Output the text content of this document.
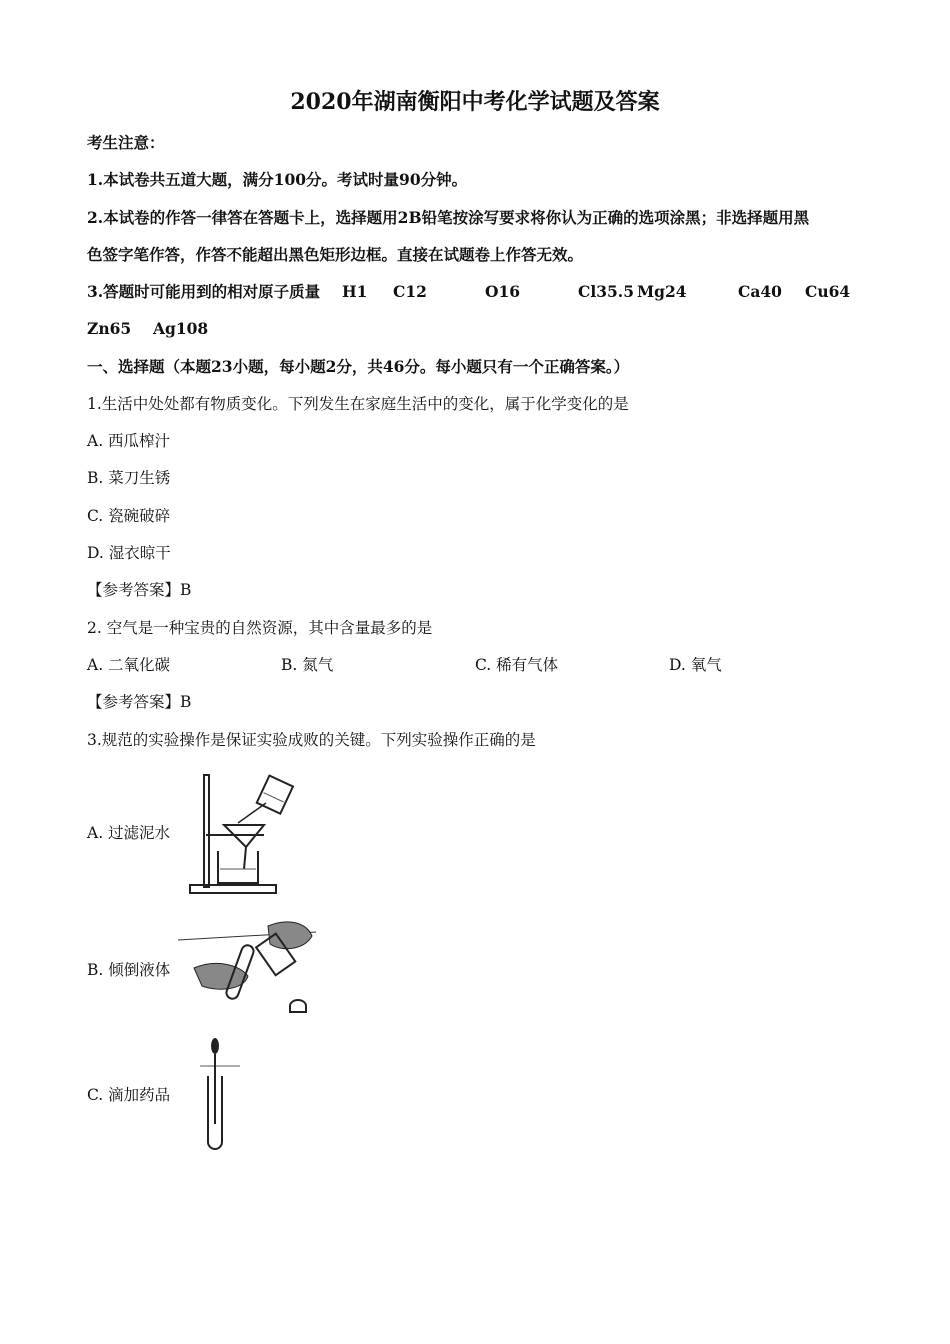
2020年湖南衡阳中考化学试题及答案
考生注意：
1.本试卷共五道大题，满分100分。考试时量90分钟。
2.本试卷的作答一律答在答题卡上，选择题用2B铅笔按涂写要求将你认为正确的选项涂黑；非选择题用黑
色签字笔作答，作答不能超出黑色矩形边框。直接在试题卷上作答无效。
3.答题时可能用到的相对原子质量 H1 C12	O16	Cl35.5 Mg24	Ca40 Cu64
Zn65 Ag108
一、选择题（本题23小题，每小题2分，共46分。每小题只有一个正确答案。）
1.生活中处处都有物质变化。下列发生在家庭生活中的变化，属于化学变化的是
A. 西瓜榨汁
B. 菜刀生锈
C. 瓷碗破碎
D. 湿衣晾干
【参考答案】B
2. 空气是一种宝贵的自然资源，其中含量最多的是
A. 二氧化碳	B. 氮气	C. 稀有气体	D. 氧气
【参考答案】B
3.规范的实验操作是保证实验成败的关键。下列实验操作正确的是
A. 过滤泥水
B. 倾倒液体
C. 滴加药品
